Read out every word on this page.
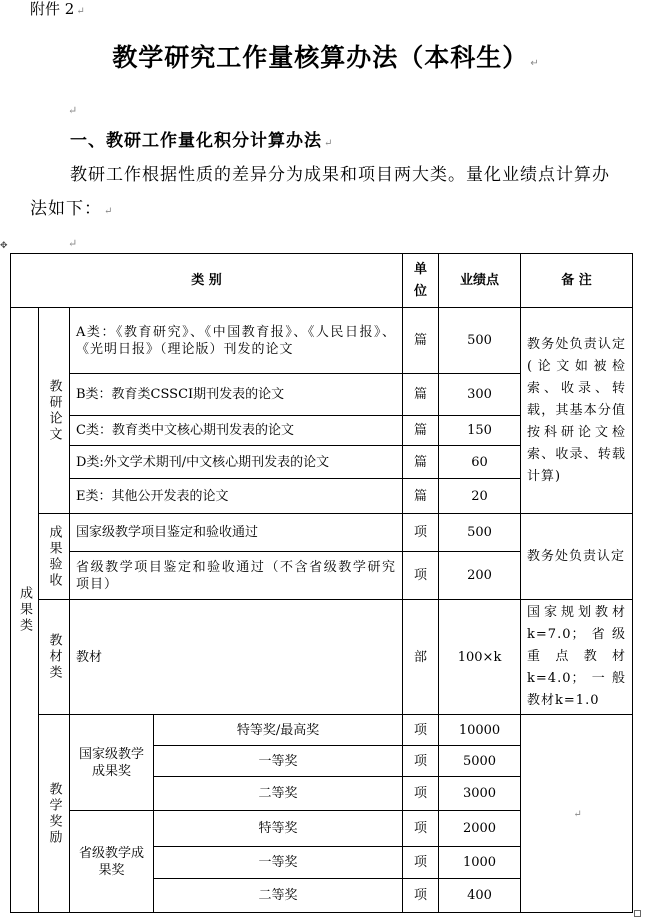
附件 2 ↵
教学研究工作量核算办法（本科生） ↵
↵
一、教研工作量化积分计算办法 ↵
教研工作根据性质的差异分为成果和项目两大类。量化业绩点计算办法如下： ↵
↵
✥
类 别				单位	业绩点	备 注

成果类	教研论文	A类：《教育研究》、《中国教育报》、《人民日报》、《光明日报》（理论版）刊发的论文		篇	500	教务处负责认定(论文如被检索、收录、转载，其基本分值按科研论文检索、收录、转载计算)
		B类：教育类CSSCI期刊发表的论文		篇	300	
		C类：教育类中文核心期刊发表的论文		篇	150	
		D类:外文学术期刊/中文核心期刊发表的论文		篇	60	
		E类：其他公开发表的论文		篇	20	

	成果验收	国家级教学项目鉴定和验收通过		项	500	教务处负责认定
		省级教学项目鉴定和验收通过（不含省级教学研究项目）		项	200	

	教材类	教材		部	100×k	国家规划教材k=7.0；省级重点教材k=4.0；一般教材k=1.0

	教学奖励	国家级教学成果奖	特等奖/最高奖	项	10000	↵
			一等奖	项	5000	
			二等奖	项	3000	

		省级教学成果奖	特等奖	项	2000	
			一等奖	项	1000	
			二等奖	项	400	
